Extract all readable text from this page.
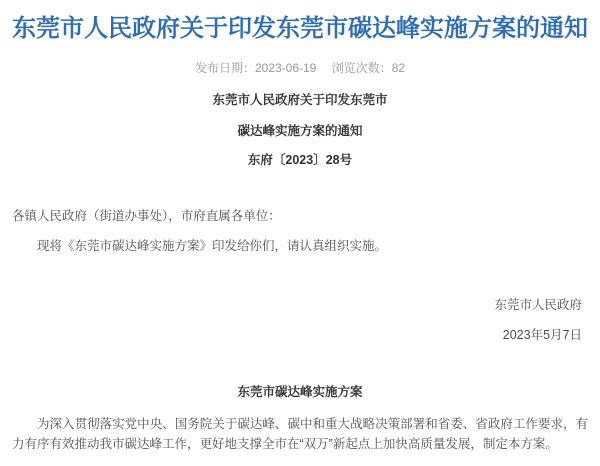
东莞市人民政府关于印发东莞市碳达峰实施方案的通知

发布日期：2023-06-19 浏览次数：82

东莞市人民政府关于印发东莞市

碳达峰实施方案的通知

东府〔2023〕28号

各镇人民政府（街道办事处），市府直属各单位：

现将《东莞市碳达峰实施方案》印发给你们，请认真组织实施。

东莞市人民政府

2023年5月7日

东莞市碳达峰实施方案

为深入贯彻落实党中央、国务院关于碳达峰、碳中和重大战略决策部署和省委、省政府工作要求，有力有序有效推动我市碳达峰工作，更好地支撑全市在“双万”新起点上加快高质量发展，制定本方案。
